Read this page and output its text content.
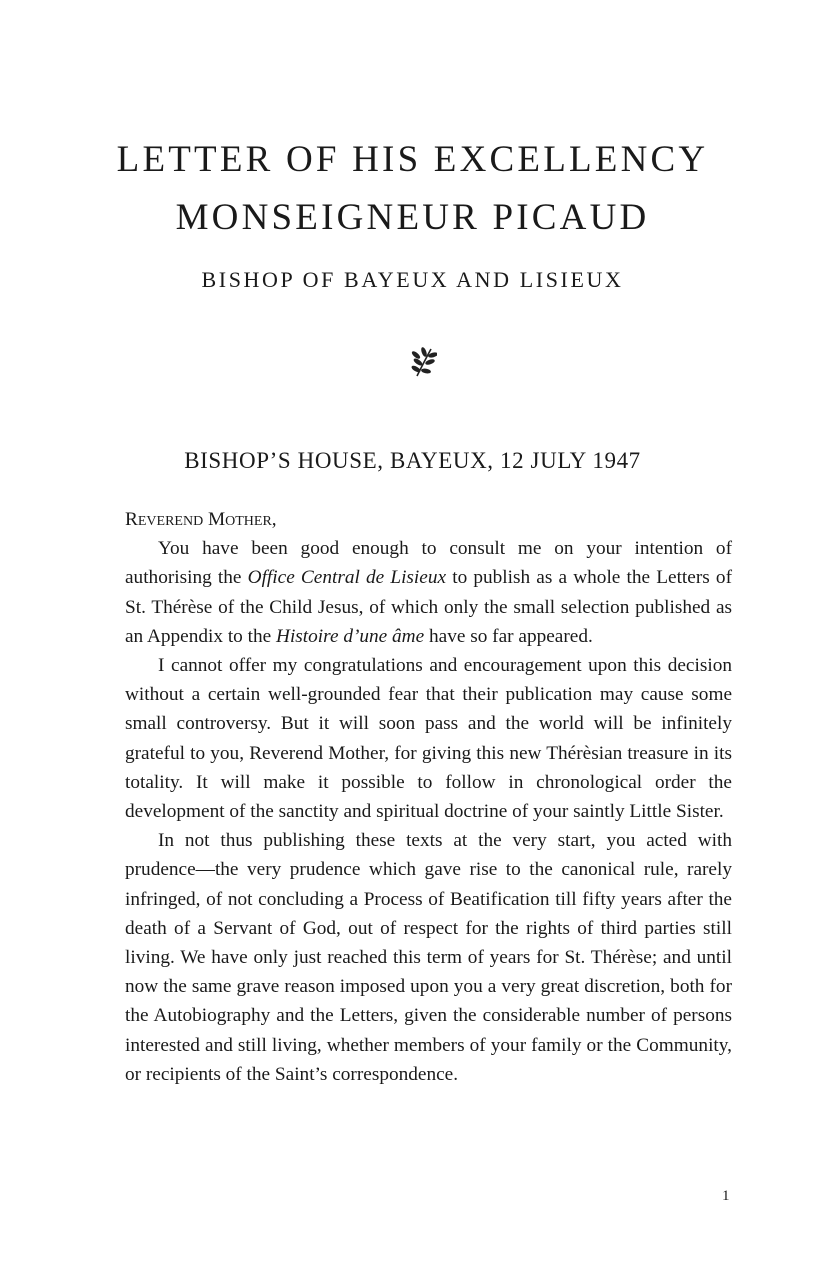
LETTER OF HIS EXCELLENCY
MONSEIGNEUR PICAUD
BISHOP OF BAYEUX AND LISIEUX
BISHOP’S HOUSE, BAYEUX, 12 JULY 1947

Reverend Mother,

You have been good enough to consult me on your intention of authorising the Office Central de Lisieux to publish as a whole the Letters of St. Thérèse of the Child Jesus, of which only the small selection published as an Appendix to the Histoire d’une âme have so far appeared.

I cannot offer my congratulations and encouragement upon this decision without a certain well-grounded fear that their publication may cause some small controversy. But it will soon pass and the world will be infinitely grateful to you, Reverend Mother, for giving this new Thérèsian treasure in its totality. It will make it possible to follow in chronological order the development of the sanctity and spiritual doctrine of your saintly Little Sister.

In not thus publishing these texts at the very start, you acted with prudence—the very prudence which gave rise to the canonical rule, rarely infringed, of not concluding a Process of Beatification till fifty years after the death of a Servant of God, out of respect for the rights of third parties still living. We have only just reached this term of years for St. Thérèse; and until now the same grave reason imposed upon you a very great discretion, both for the Autobiography and the Letters, given the considerable number of persons interested and still living, whether members of your family or the Community, or recipients of the Saint’s correspondence.

1
